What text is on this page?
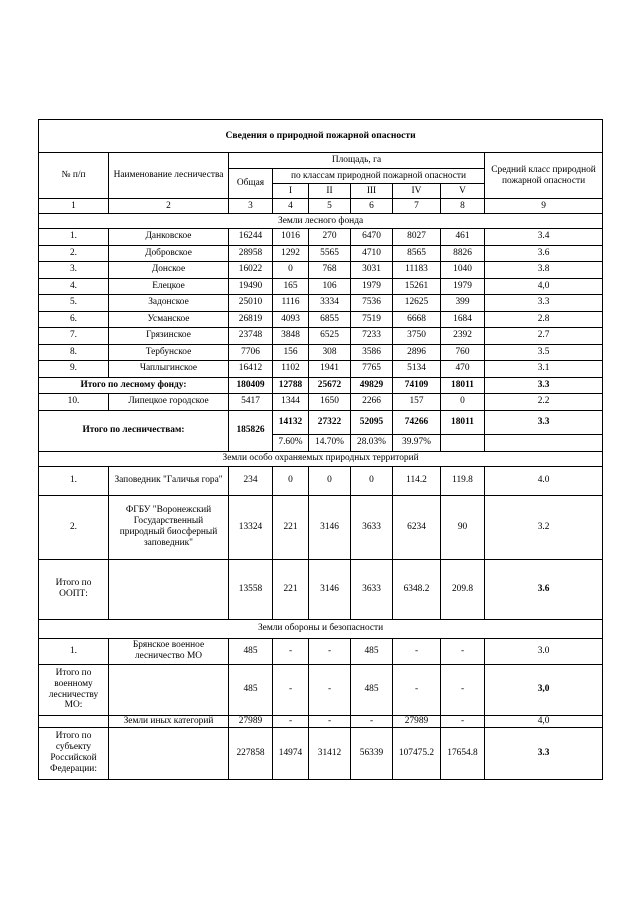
Сведения о природной пожарной опасности								
№ п/п	Наименование лесничества	Площадь, га						Средний класс природной пожарной опасности
		Общая	по классам природной пожарной опасности					
			I	II	III	IV	V	
1	2	3	4	5	6	7	8	9
Земли лесного фонда								
1.	Данковское	16244	1016	270	6470	8027	461	3.4
2.	Добровское	28958	1292	5565	4710	8565	8826	3.6
3.	Донское	16022	0	768	3031	11183	1040	3.8
4.	Елецкое	19490	165	106	1979	15261	1979	4,0
5.	Задонское	25010	1116	3334	7536	12625	399	3.3
6.	Усманское	26819	4093	6855	7519	6668	1684	2.8
7.	Грязинское	23748	3848	6525	7233	3750	2392	2.7
8.	Тербунское	7706	156	308	3586	2896	760	3.5
9.	Чаплыгинское	16412	1102	1941	7765	5134	470	3.1
Итого по лесному фонду:		180409	12788	25672	49829	74109	18011	3.3
10.	Липецкое городское	5417	1344	1650	2266	157	0	2.2
Итого по лесничествам:		185826	14132	27322	52095	74266	18011	3.3
			7.60%	14.70%	28.03%	39.97%		
Земли особо охраняемых природных территорий								
1.	Заповедник "Галичья гора"	234	0	0	0	114.2	119.8	4.0
2.	ФГБУ "Воронежский Государственный природный биосферный заповедник"	13324	221	3146	3633	6234	90	3.2
Итого по ООПТ:		13558	221	3146	3633	6348.2	209.8	3.6
Земли обороны и безопасности								
1.	Брянское военное лесничество МО	485	-	-	485	-	-	3.0
Итого по военному лесничеству МО:		485	-	-	485	-	-	3,0
	Земли иных категорий	27989	-	-	-	27989	-	4,0
Итого по субъекту Российской Федерации:		227858	14974	31412	56339	107475.2	17654.8	3.3
